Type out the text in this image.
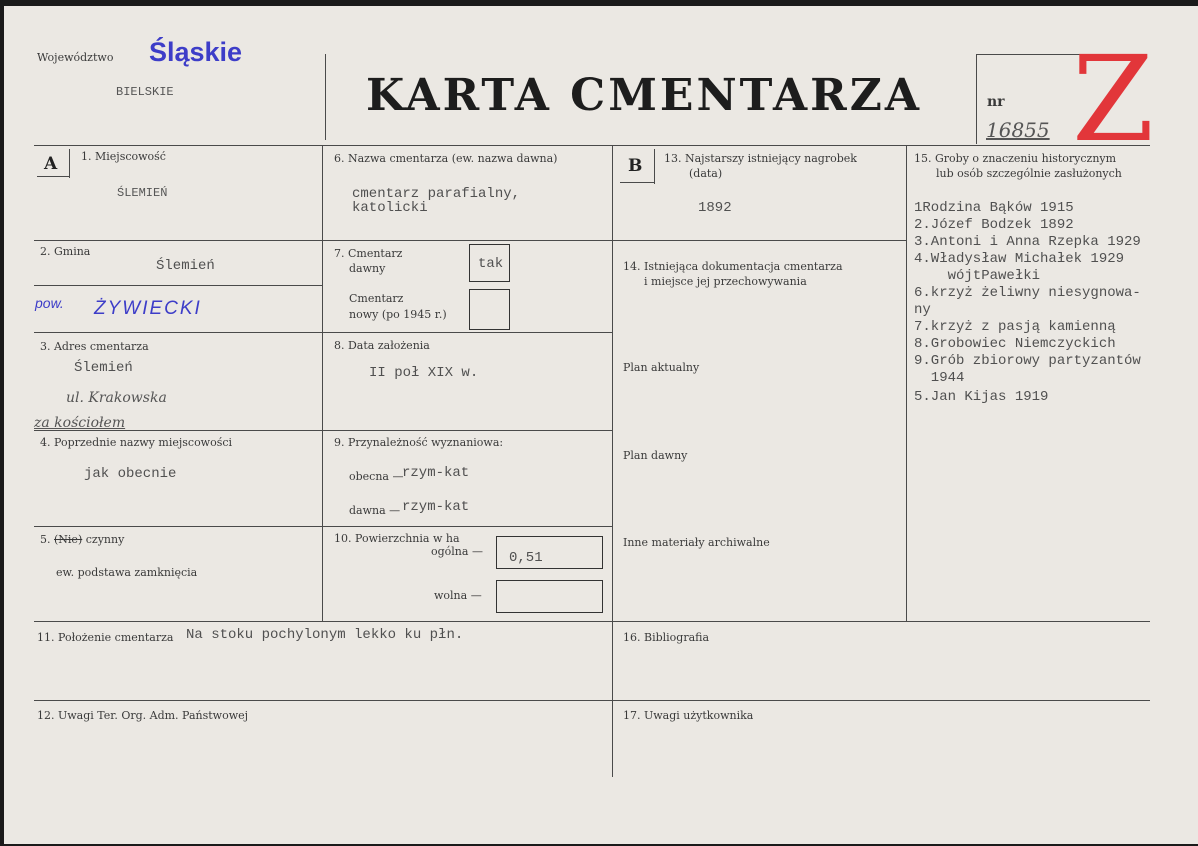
Województwo Śląskie
BIELSKIE	KARTA CMENTARZA	nr
16855 Z
A 1. Miejscowość
ŚLEMIEŃ
2. Gmina
Ślemień
pow. ŻYWIECKI
3. Adres cmentarza
Ślemień
ul. Krakowska
za kościołem
4. Poprzednie nazwy miejscowości
jak obecnie
5. (Nie) czynny
ew. podstawa zamknięcia
6. Nazwa cmentarza (ew. nazwa dawna)
cmentarz parafialny,
katolicki
7. Cmentarz
dawny	tak
Cmentarz
nowy (po 1945 r.)
8. Data założenia
II poł XIX w.
9. Przynależność wyznaniowa:
obecna —
rzym-kat
dawna — rzym-kat
10. Powierzchnia w ha
ogólna — 0,51
wolna —
B 13. Najstarszy istniejący nagrobek
(data)
1892
14. Istniejąca dokumentacja cmentarza
i miejsce jej przechowywania
Plan aktualny
Plan dawny
Inne materiały archiwalne
15. Groby o znaczeniu historycznym
lub osób szczególnie zasłużonych
1Rodzina Bąków 1915
2.Józef Bodzek 1892
3.Antoni i Anna Rzepka 1929
4.Władysław Michałek 1929
wójtPawełki
6.krzyż żeliwny niesygnowa-
ny
7.krzyż z pasją kamienną
8.Grobowiec Niemczyckich
9.Grób zbiorowy partyzantów
1944
5.Jan Kijas 1919
11. Położenie cmentarza Na stoku pochylonym lekko ku płn.
12. Uwagi Ter. Org. Adm. Państwowej
16. Bibliografia
17. Uwagi użytkownika
